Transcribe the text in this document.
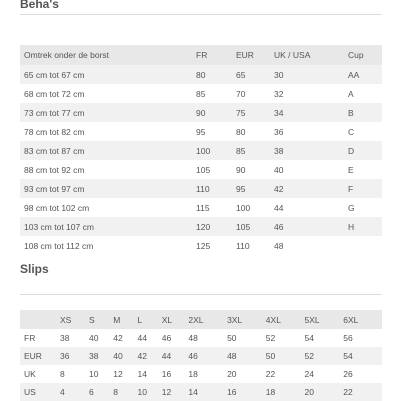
Beha's
Omtrek onder de borst	FR	EUR	UK / USA	Cup
65 cm tot 67 cm	80	65	30	AA
68 cm tot 72 cm	85	70	32	A
73 cm tot 77 cm	90	75	34	B
78 cm tot 82 cm	95	80	36	C
83 cm tot 87 cm	100	85	38	D
88 cm tot 92 cm	105	90	40	E
93 cm tot 97 cm	110	95	42	F
98 cm tot 102 cm	115	100	44	G
103 cm tot 107 cm	120	105	46	H
108 cm tot 112 cm	125	110	48	
Slips
	XS	S	M	L	XL	2XL	3XL	4XL	5XL	6XL
FR	38	40	42	44	46	48	50	52	54	56
EUR	36	38	40	42	44	46	48	50	52	54
UK	8	10	12	14	16	18	20	22	24	26
US	4	6	8	10	12	14	16	18	20	22
